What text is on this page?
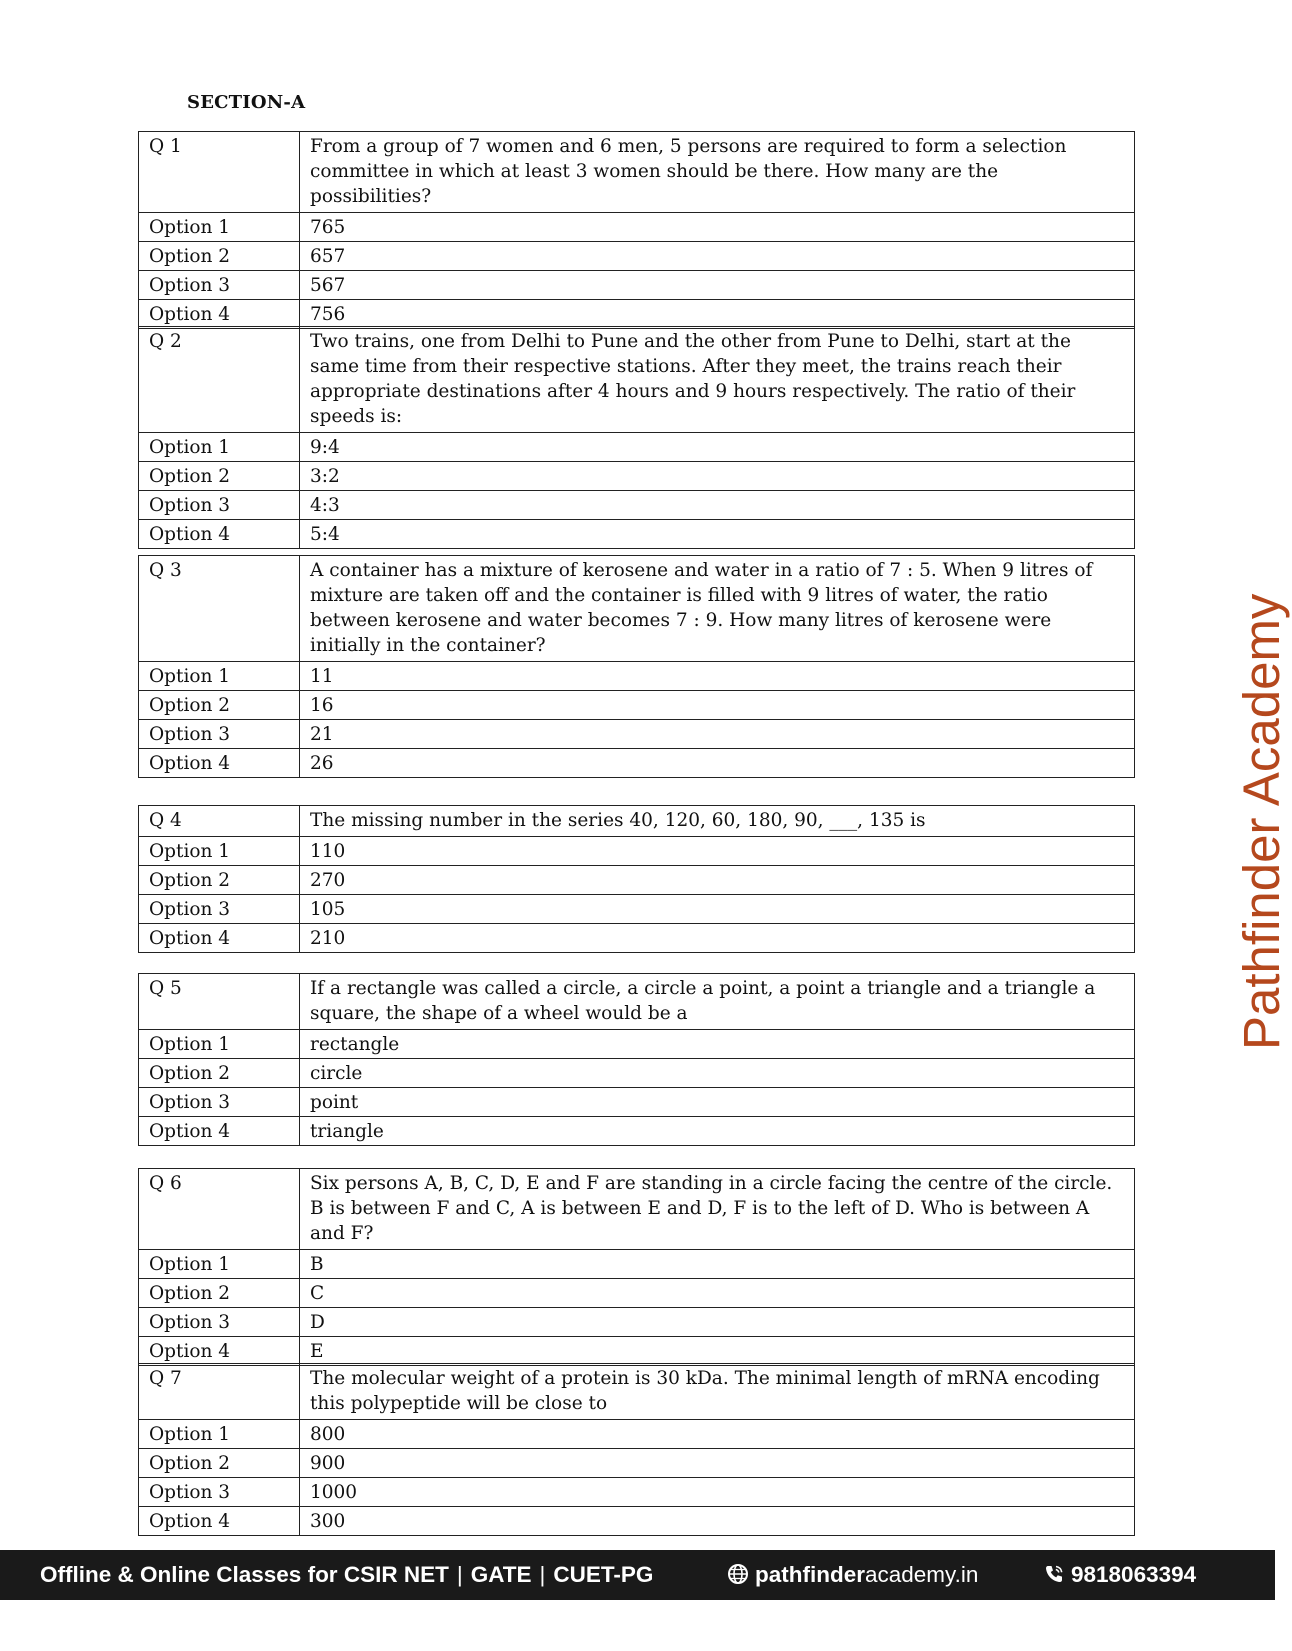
SECTION-A
Q 1	From a group of 7 women and 6 men, 5 persons are required to form a selection committee in which at least 3 women should be there. How many are the possibilities?
Option 1	765
Option 2	657
Option 3	567
Option 4	756
Q 2	Two trains, one from Delhi to Pune and the other from Pune to Delhi, start at the same time from their respective stations. After they meet, the trains reach their appropriate destinations after 4 hours and 9 hours respectively. The ratio of their speeds is:
Option 1	9:4
Option 2	3:2
Option 3	4:3
Option 4	5:4
Q 3	A container has a mixture of kerosene and water in a ratio of 7 : 5. When 9 litres of mixture are taken off and the container is filled with 9 litres of water, the ratio between kerosene and water becomes 7 : 9. How many litres of kerosene were initially in the container?
Option 1	11
Option 2	16
Option 3	21
Option 4	26
Q 4	The missing number in the series 40, 120, 60, 180, 90, ___, 135 is
Option 1	110
Option 2	270
Option 3	105
Option 4	210
Q 5	If a rectangle was called a circle, a circle a point, a point a triangle and a triangle a square, the shape of a wheel would be a
Option 1	rectangle
Option 2	circle
Option 3	point
Option 4	triangle
Q 6	Six persons A, B, C, D, E and F are standing in a circle facing the centre of the circle. B is between F and C, A is between E and D, F is to the left of D. Who is between A and F?
Option 1	B
Option 2	C
Option 3	D
Option 4	E
Q 7	The molecular weight of a protein is 30 kDa. The minimal length of mRNA encoding this polypeptide will be close to
Option 1	800
Option 2	900
Option 3	1000
Option 4	300
Pathfinder Academy
Offline & Online Classes for CSIR NET | GATE | CUET-PG	pathfinderacademy.in	9818063394
